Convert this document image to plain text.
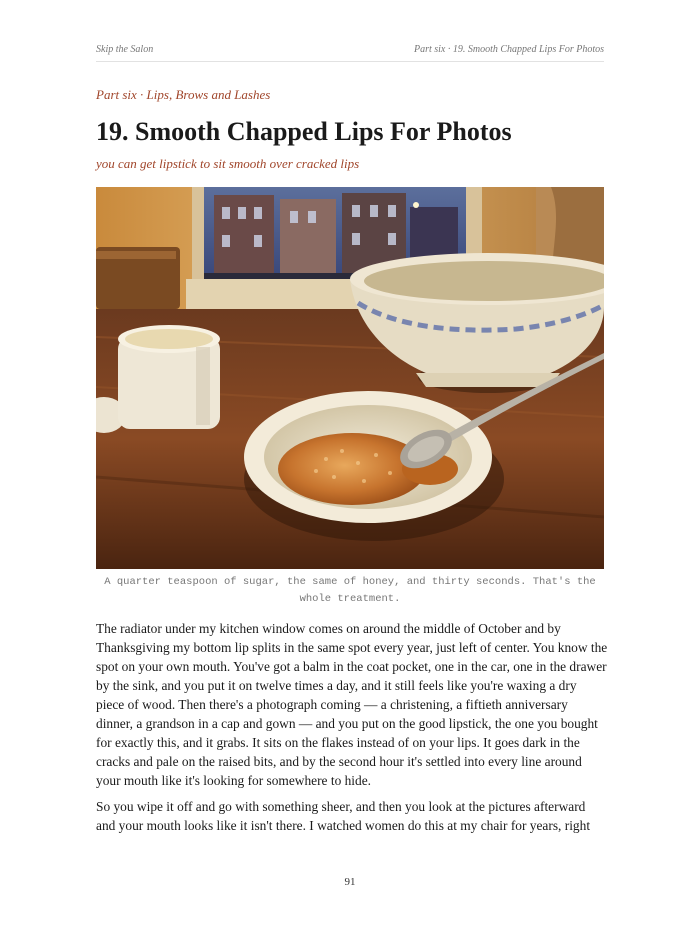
Skip the Salon	Part six · 19. Smooth Chapped Lips For Photos
Part six · Lips, Brows and Lashes
19. Smooth Chapped Lips For Photos
you can get lipstick to sit smooth over cracked lips
A quarter teaspoon of sugar, the same of honey, and thirty seconds. That's the
whole treatment.

The radiator under my kitchen window comes on around the middle of October and by Thanksgiving my bottom lip splits in the same spot every year, just left of center. You know the spot on your own mouth. You've got a balm in the coat pocket, one in the car, one in the drawer by the sink, and you put it on twelve times a day, and it still feels like you're waxing a dry piece of wood. Then there's a photograph coming — a christening, a fiftieth anniversary dinner, a grandson in a cap and gown — and you put on the good lipstick, the one you bought for exactly this, and it grabs. It sits on the flakes instead of on your lips. It goes dark in the cracks and pale on the raised bits, and by the second hour it's settled into every line around your mouth like it's looking for somewhere to hide.

So you wipe it off and go with something sheer, and then you look at the pictures afterward and your mouth looks like it isn't there. I watched women do this at my chair for years, right

91
